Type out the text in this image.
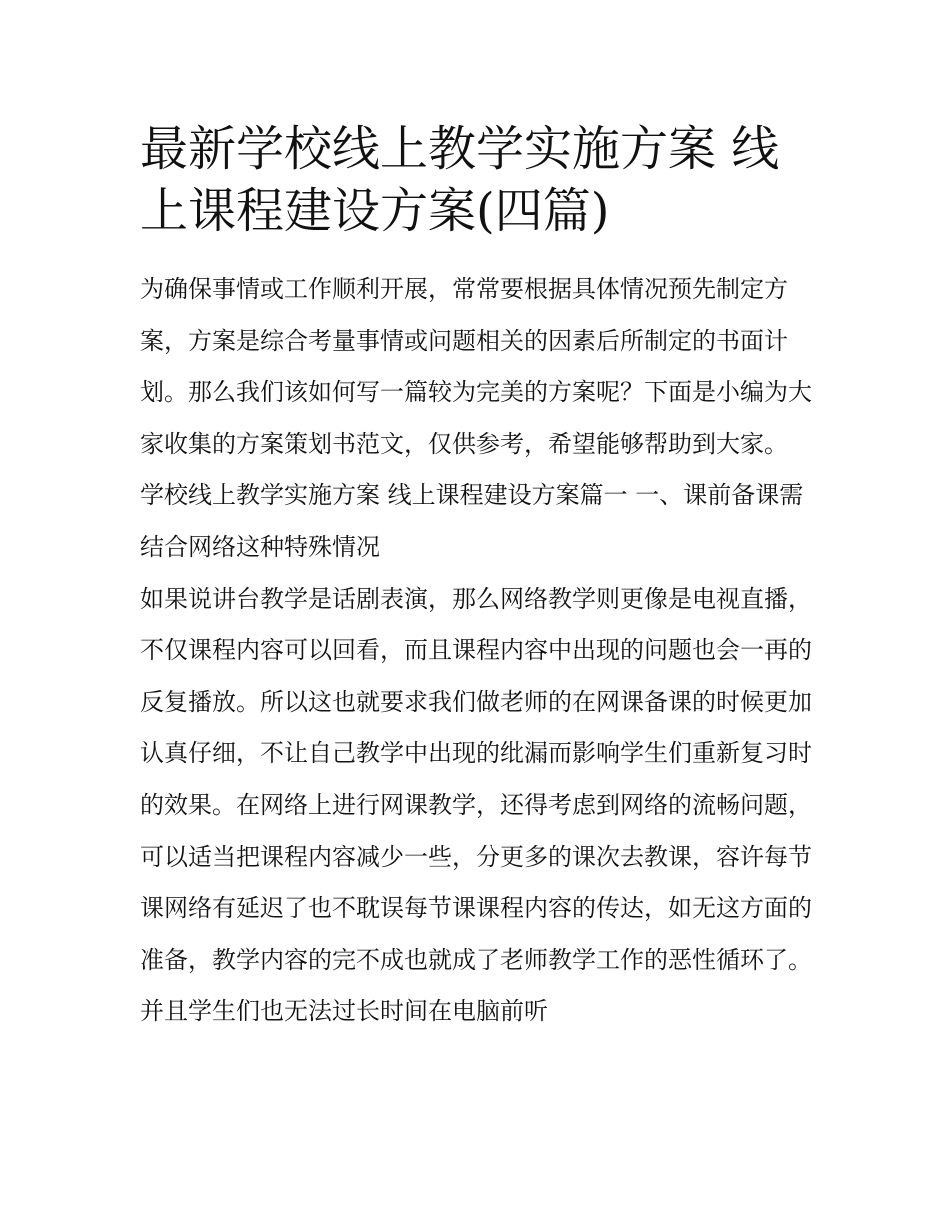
最新学校线上教学实施方案 线上课程建设方案(四篇)

为确保事情或工作顺利开展，常常要根据具体情况预先制定方案，方案是综合考量事情或问题相关的因素后所制定的书面计划。那么我们该如何写一篇较为完美的方案呢？下面是小编为大家收集的方案策划书范文，仅供参考，希望能够帮助到大家。

学校线上教学实施方案 线上课程建设方案篇一 一、课前备课需结合网络这种特殊情况

如果说讲台教学是话剧表演，那么网络教学则更像是电视直播，不仅课程内容可以回看，而且课程内容中出现的问题也会一再的反复播放。所以这也就要求我们做老师的在网课备课的时候更加认真仔细，不让自己教学中出现的纰漏而影响学生们重新复习时的效果。在网络上进行网课教学，还得考虑到网络的流畅问题，可以适当把课程内容减少一些，分更多的课次去教课，容许每节课网络有延迟了也不耽误每节课课程内容的传达，如无这方面的准备，教学内容的完不成也就成了老师教学工作的恶性循环了。并且学生们也无法过长时间在电脑前听
